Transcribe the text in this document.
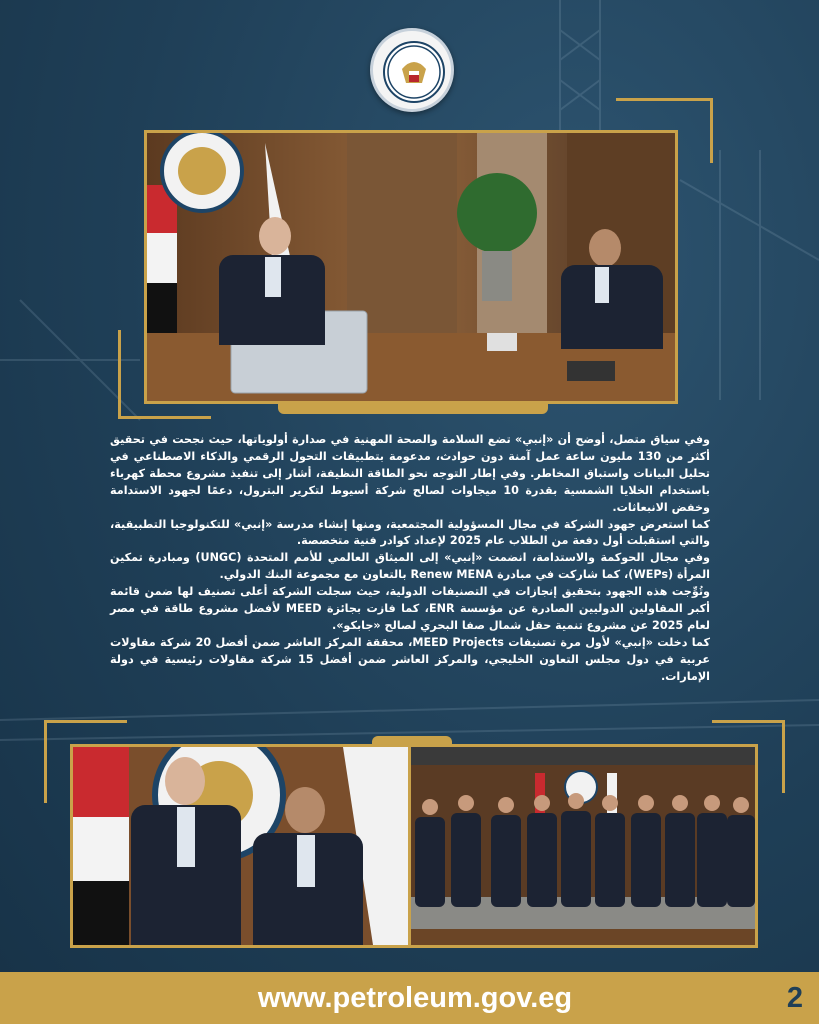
وفي سياق متصل، أوضح أن «إنبي» تضع السلامة والصحة المهنية في صدارة أولوياتها، حيث نجحت في تحقيق أكثر من 130 مليون ساعة عمل آمنة دون حوادث، مدعومة بتطبيقات التحول الرقمي والذكاء الاصطناعي في تحليل البيانات واستباق المخاطر. وفي إطار التوجه نحو الطاقة النظيفة، أشار إلى تنفيذ مشروع محطة كهرباء باستخدام الخلايا الشمسية بقدرة 10 ميجاوات لصالح شركة أسيوط لتكرير البترول، دعمًا لجهود الاستدامة وخفض الانبعاثات.

كما استعرض جهود الشركة في مجال المسؤولية المجتمعية، ومنها إنشاء مدرسة «إنبي» للتكنولوجيا التطبيقية، والتي استقبلت أول دفعة من الطلاب عام 2025 لإعداد كوادر فنية متخصصة.

وفي مجال الحوكمة والاستدامة، انضمت «إنبي» إلى الميثاق العالمي للأمم المتحدة (UNGC) ومبادرة تمكين المرأة (WEPs)، كما شاركت في مبادرة Renew MENA بالتعاون مع مجموعة البنك الدولي.

وتُوِّجت هذه الجهود بتحقيق إنجازات في التصنيفات الدولية، حيث سجلت الشركة أعلى تصنيف لها ضمن قائمة أكبر المقاولين الدوليين الصادرة عن مؤسسة ENR، كما فازت بجائزة MEED لأفضل مشروع طاقة في مصر لعام 2025 عن مشروع تنمية حقل شمال صفا البحري لصالح «جابكو».

كما دخلت «إنبي» لأول مرة تصنيفات MEED Projects، محققة المركز العاشر ضمن أفضل 20 شركة مقاولات عربية في دول مجلس التعاون الخليجي، والمركز العاشر ضمن أفضل 15 شركة مقاولات رئيسية في دولة الإمارات.

www.petroleum.gov.eg	2
